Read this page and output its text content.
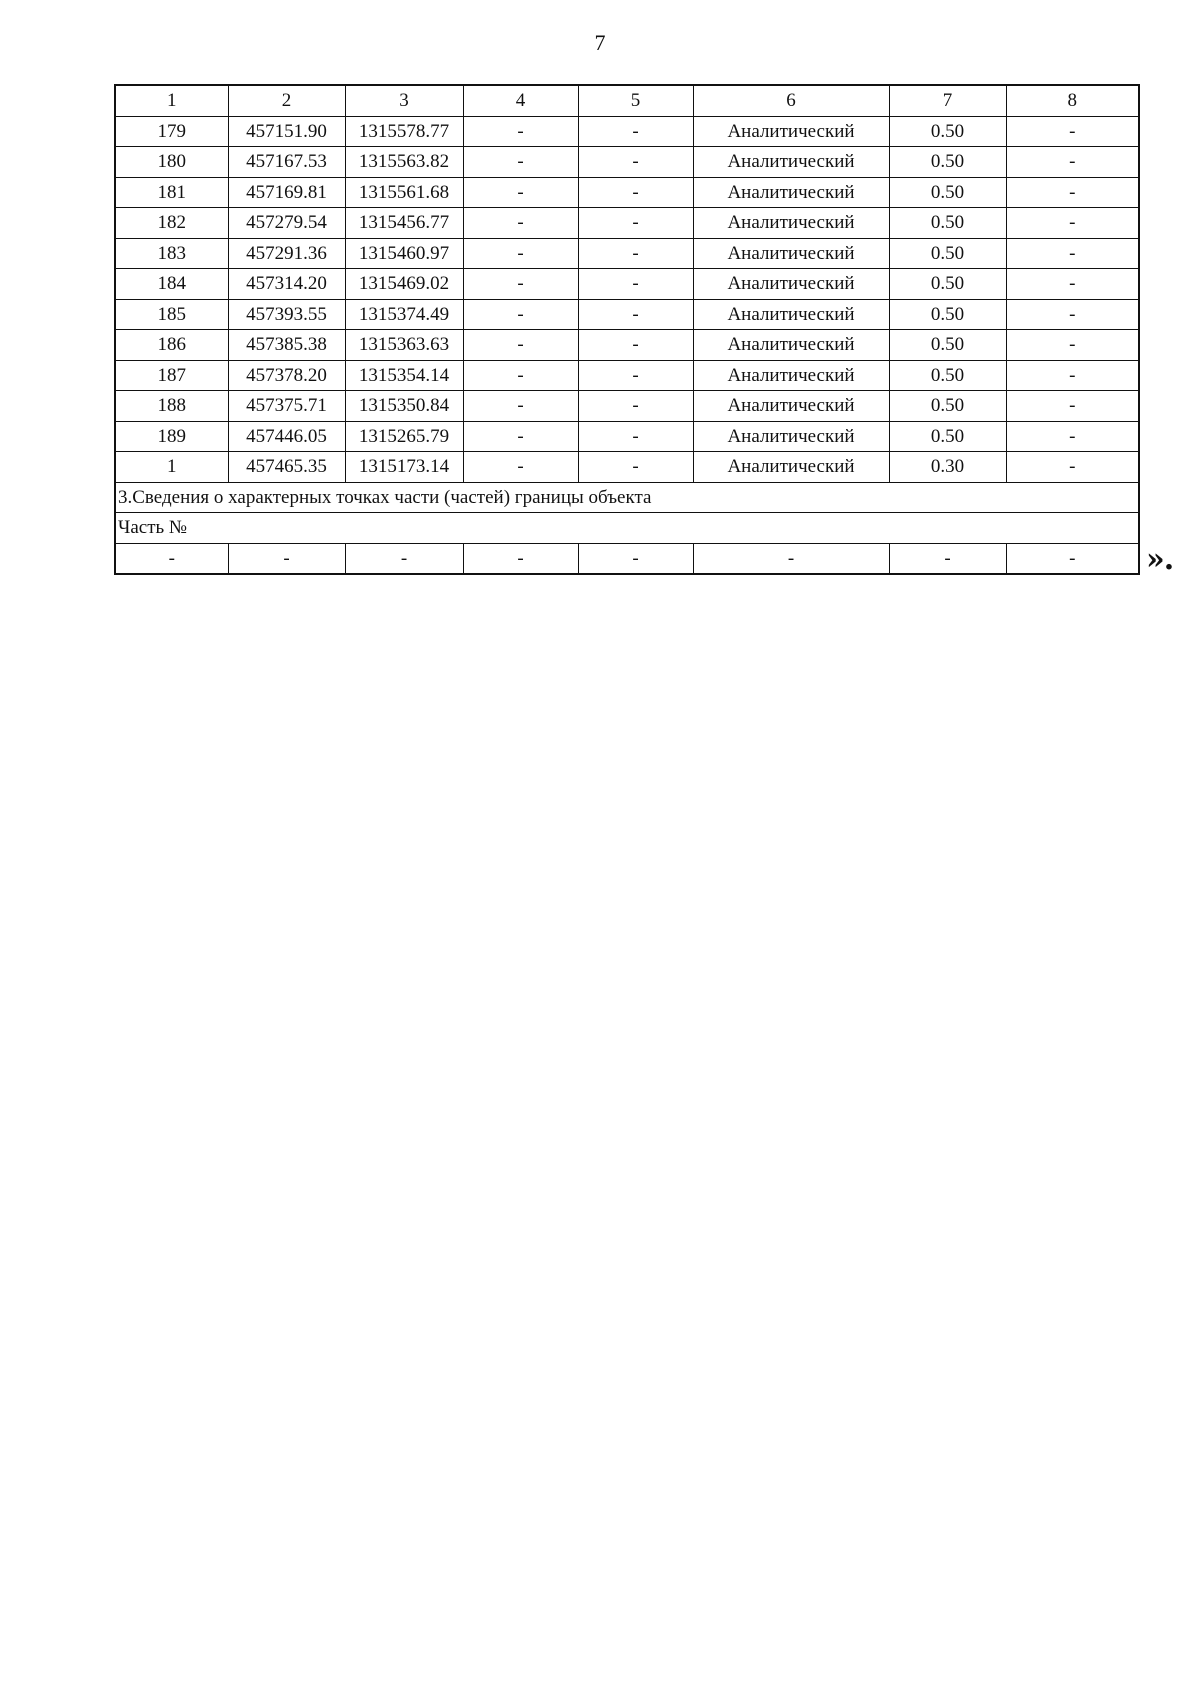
7
1	2	3	4	5	6	7	8
179	457151.90	1315578.77	-	-	Аналитический	0.50	-
180	457167.53	1315563.82	-	-	Аналитический	0.50	-
181	457169.81	1315561.68	-	-	Аналитический	0.50	-
182	457279.54	1315456.77	-	-	Аналитический	0.50	-
183	457291.36	1315460.97	-	-	Аналитический	0.50	-
184	457314.20	1315469.02	-	-	Аналитический	0.50	-
185	457393.55	1315374.49	-	-	Аналитический	0.50	-
186	457385.38	1315363.63	-	-	Аналитический	0.50	-
187	457378.20	1315354.14	-	-	Аналитический	0.50	-
188	457375.71	1315350.84	-	-	Аналитический	0.50	-
189	457446.05	1315265.79	-	-	Аналитический	0.50	-
1	457465.35	1315173.14	-	-	Аналитический	0.30	-
3.Сведения о характерных точках части (частей) границы объекта							
Часть №							
-	-	-	-	-	-	-	- ».
